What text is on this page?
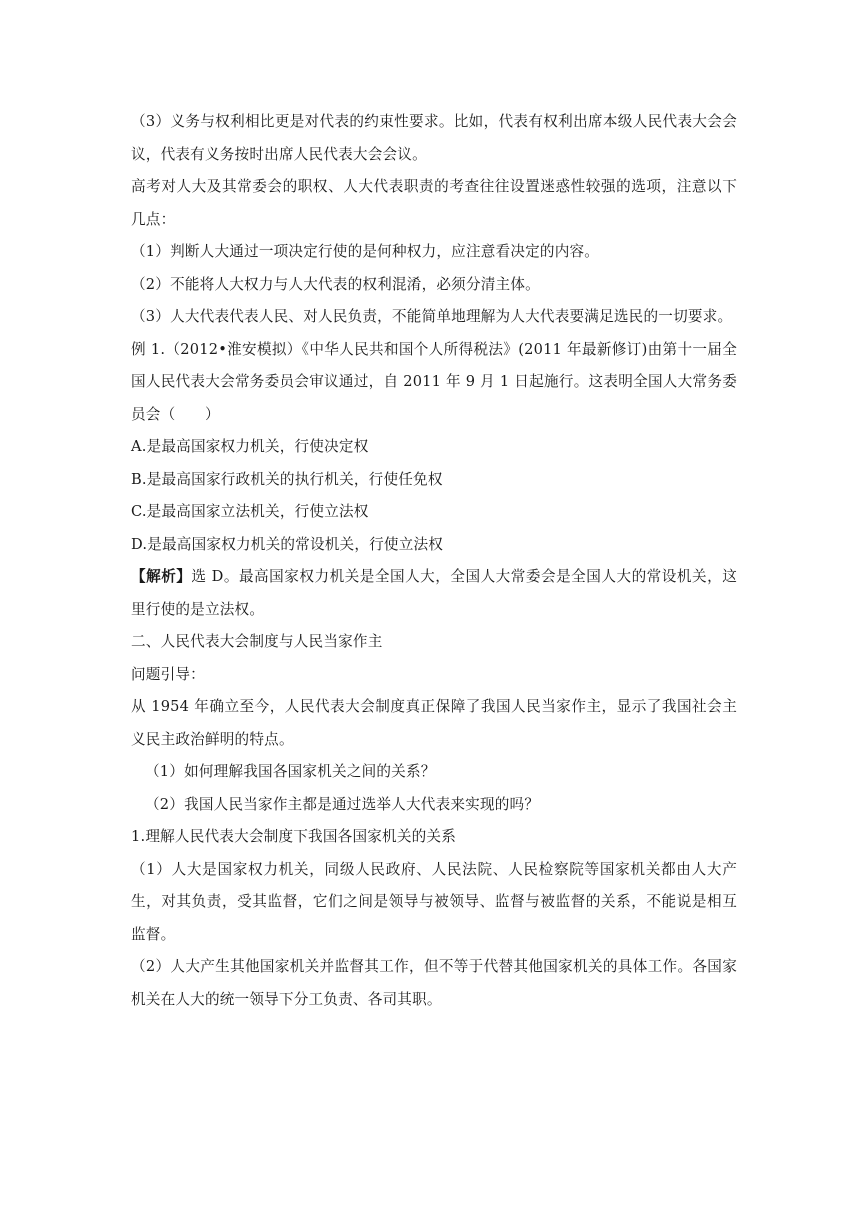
（3）义务与权利相比更是对代表的约束性要求。比如，代表有权利出席本级人民代表大会会议，代表有义务按时出席人民代表大会会议。

高考对人大及其常委会的职权、人大代表职责的考查往往设置迷惑性较强的选项，注意以下几点：

（1）判断人大通过一项决定行使的是何种权力，应注意看决定的内容。

（2）不能将人大权力与人大代表的权利混淆，必须分清主体。

（3）人大代表代表人民、对人民负责，不能简单地理解为人大代表要满足选民的一切要求。

例 1.（2012•淮安模拟）《中华人民共和国个人所得税法》(2011 年最新修订)由第十一届全国人民代表大会常务委员会审议通过，自 2011 年 9 月 1 日起施行。这表明全国人大常务委员会（　　）

A.是最高国家权力机关，行使决定权

B.是最高国家行政机关的执行机关，行使任免权

C.是最高国家立法机关，行使立法权

D.是最高国家权力机关的常设机关，行使立法权

【解析】选 D。最高国家权力机关是全国人大，全国人大常委会是全国人大的常设机关，这里行使的是立法权。

二、人民代表大会制度与人民当家作主

问题引导：

从 1954 年确立至今，人民代表大会制度真正保障了我国人民当家作主，显示了我国社会主义民主政治鲜明的特点。

（1）如何理解我国各国家机关之间的关系？

（2）我国人民当家作主都是通过选举人大代表来实现的吗？

1.理解人民代表大会制度下我国各国家机关的关系

（1）人大是国家权力机关，同级人民政府、人民法院、人民检察院等国家机关都由人大产生，对其负责，受其监督，它们之间是领导与被领导、监督与被监督的关系，不能说是相互监督。

（2）人大产生其他国家机关并监督其工作，但不等于代替其他国家机关的具体工作。各国家机关在人大的统一领导下分工负责、各司其职。
